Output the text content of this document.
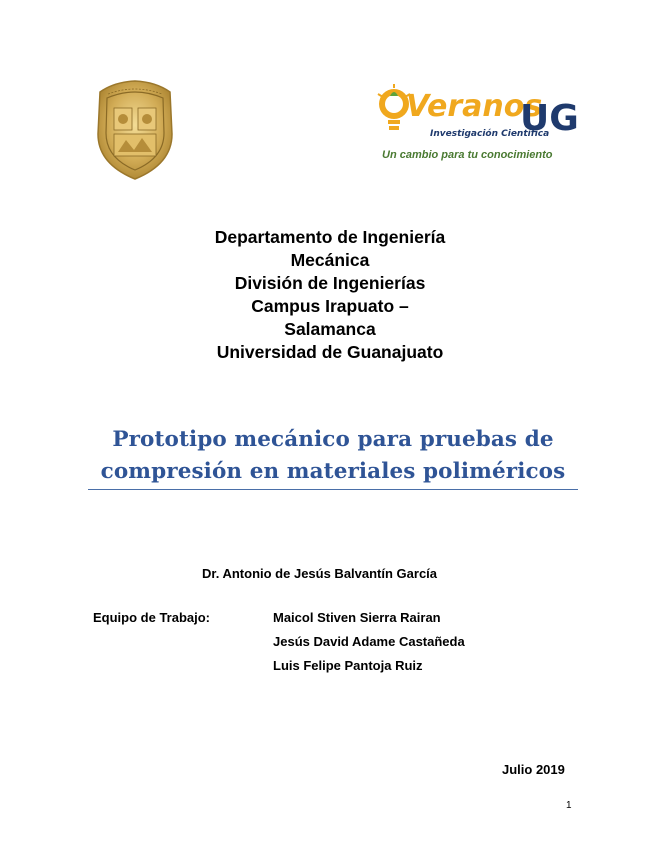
Veranos
UG
Investigación Científica
Un cambio para tu conocimiento
Departamento de Ingeniería
Mecánica
División de Ingenierías
Campus Irapuato –
Salamanca
Universidad de Guanajuato
Prototipo mecánico para pruebas de
compresión en materiales poliméricos
Dr. Antonio de Jesús Balvantín García
Equipo de Trabajo:	Maicol Stiven Sierra Rairan
Jesús David Adame Castañeda
Luis Felipe Pantoja Ruiz
Julio 2019
1
